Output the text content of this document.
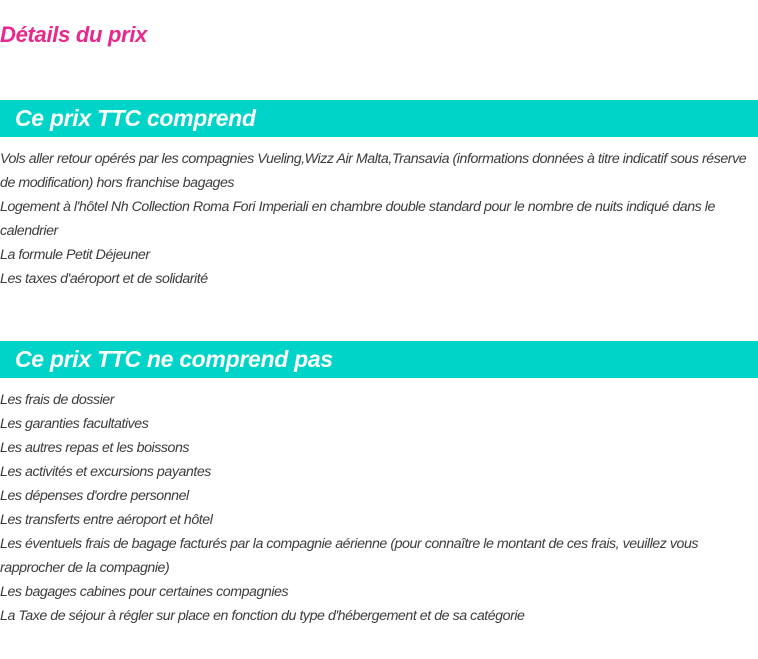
Détails du prix
Ce prix TTC comprend
Vols aller retour opérés par les compagnies Vueling,Wizz Air Malta,Transavia (informations données à titre indicatif sous réserve de modification) hors franchise bagages
Logement à l'hôtel Nh Collection Roma Fori Imperiali en chambre double standard pour le nombre de nuits indiqué dans le calendrier
La formule Petit Déjeuner
Les taxes d'aéroport et de solidarité
Ce prix TTC ne comprend pas
Les frais de dossier
Les garanties facultatives
Les autres repas et les boissons
Les activités et excursions payantes
Les dépenses d'ordre personnel
Les transferts entre aéroport et hôtel
Les éventuels frais de bagage facturés par la compagnie aérienne (pour connaître le montant de ces frais, veuillez vous rapprocher de la compagnie)
Les bagages cabines pour certaines compagnies
La Taxe de séjour à régler sur place en fonction du type d'hébergement et de sa catégorie
